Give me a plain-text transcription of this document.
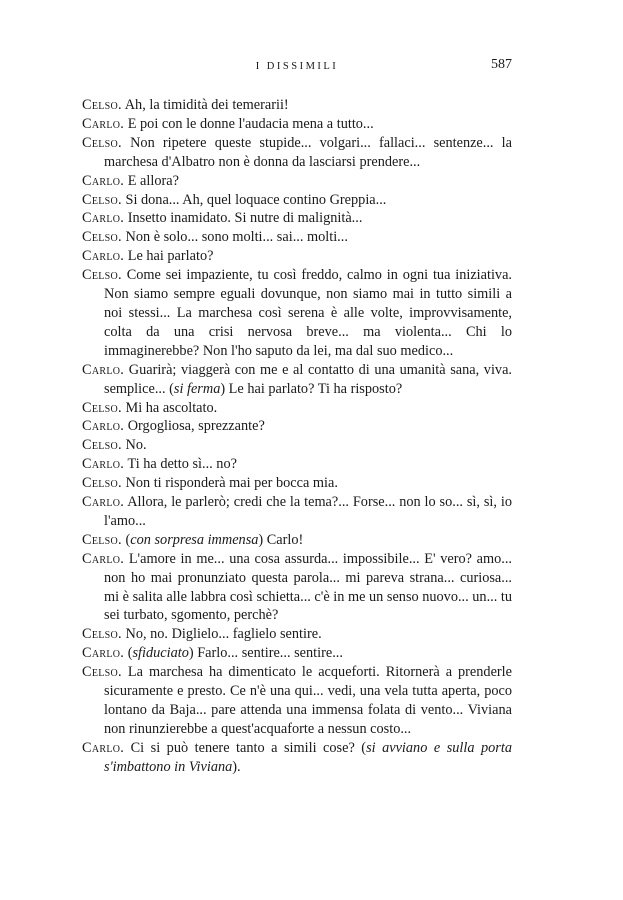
I DISSIMILI	587
Celso. Ah, la timidità dei temerarii!
Carlo. E poi con le donne l'audacia mena a tutto...
Celso. Non ripetere queste stupide... volgari... fallaci... sentenze... la marchesa d'Albatro non è donna da lasciarsi prendere...
Carlo. E allora?
Celso. Si dona... Ah, quel loquace contino Greppia...
Carlo. Insetto inamidato. Si nutre di malignità...
Celso. Non è solo... sono molti... sai... molti...
Carlo. Le hai parlato?
Celso. Come sei impaziente, tu così freddo, calmo in ogni tua iniziativa. Non siamo sempre eguali dovunque, non siamo mai in tutto simili a noi stessi... La marchesa così serena è alle volte, improvvisamente, colta da una crisi nervosa breve... ma violenta... Chi lo immaginerebbe? Non l'ho saputo da lei, ma dal suo medico...
Carlo. Guarirà; viaggerà con me e al contatto di una umanità sana, viva. semplice... (si ferma) Le hai parlato? Ti ha risposto?
Celso. Mi ha ascoltato.
Carlo. Orgogliosa, sprezzante?
Celso. No.
Carlo. Ti ha detto sì... no?
Celso. Non ti risponderà mai per bocca mia.
Carlo. Allora, le parlerò; credi che la tema?... Forse... non lo so... sì, sì, io l'amo...
Celso. (con sorpresa immensa) Carlo!
Carlo. L'amore in me... una cosa assurda... impossibile... E' vero? amo... non ho mai pronunziato questa parola... mi pareva strana... curiosa... mi è salita alle labbra così schietta... c'è in me un senso nuovo... un... tu sei turbato, sgomento, perchè?
Celso. No, no. Diglielo... faglielo sentire.
Carlo. (sfiduciato) Farlo... sentire... sentire...
Celso. La marchesa ha dimenticato le acqueforti. Ritornerà a prenderle sicuramente e presto. Ce n'è una qui... vedi, una vela tutta aperta, poco lontano da Baja... pare attenda una immensa folata di vento... Viviana non rinunzierebbe a quest'acquaforte a nessun costo...
Carlo. Ci si può tenere tanto a simili cose? (si avviano e sulla porta s'imbattono in Viviana).
